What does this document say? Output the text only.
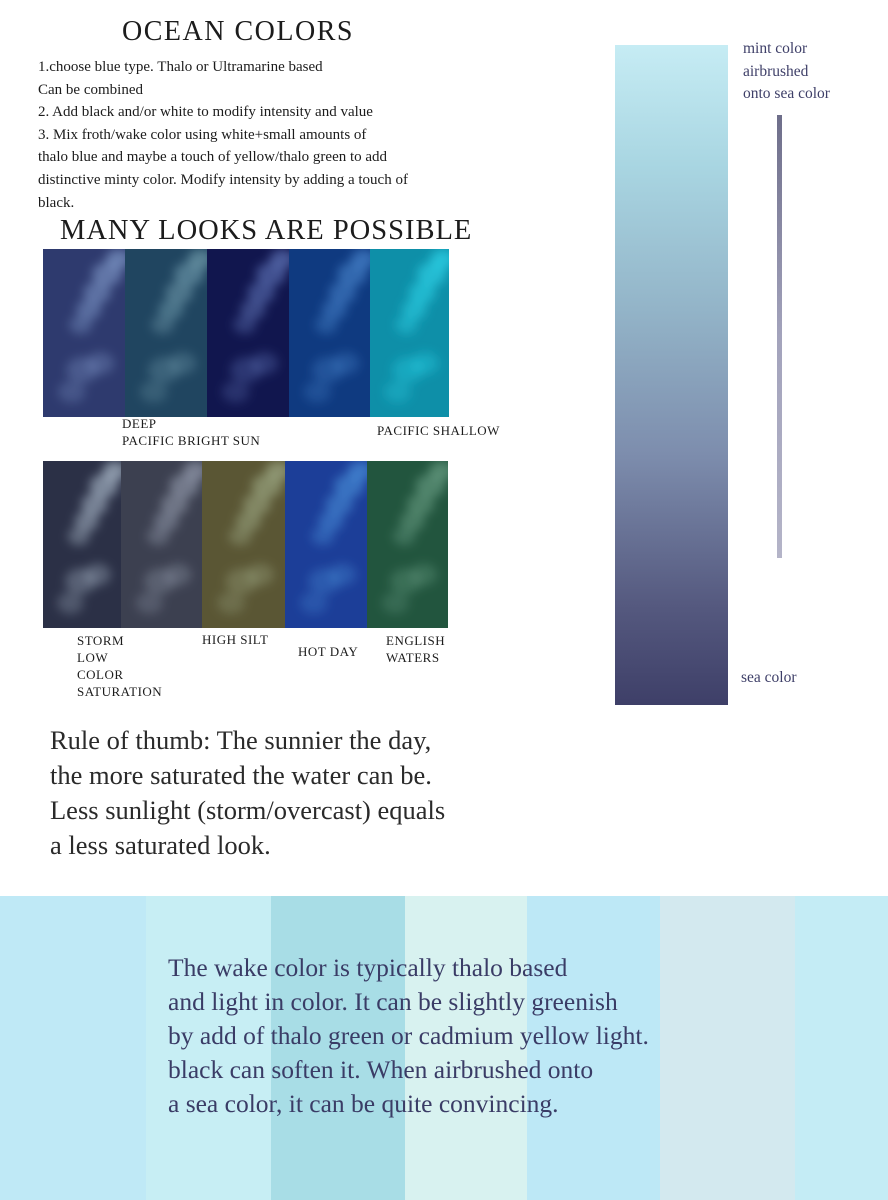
OCEAN COLORS
1.choose blue type. Thalo or Ultramarine based
Can be combined
2. Add black and/or white to modify intensity and value
3. Mix froth/wake color using white+small amounts of
thalo blue and maybe a touch of yellow/thalo green to add
distinctive minty color. Modify intensity by adding a touch of
black.
MANY LOOKS ARE POSSIBLE
DEEP
PACIFIC BRIGHT SUN
PACIFIC SHALLOW
STORM
LOW
COLOR
SATURATION
HIGH SILT
HOT DAY
ENGLISH
WATERS
Rule of thumb: The sunnier the day,
the more saturated the water can be.
Less sunlight (storm/overcast) equals
a less saturated look.
mint color
airbrushed
onto sea color
sea color
The wake color is typically thalo based
and light in color. It can be slightly greenish
by add of thalo green or cadmium yellow light.
black can soften it. When airbrushed onto
a sea color, it can be quite convincing.
